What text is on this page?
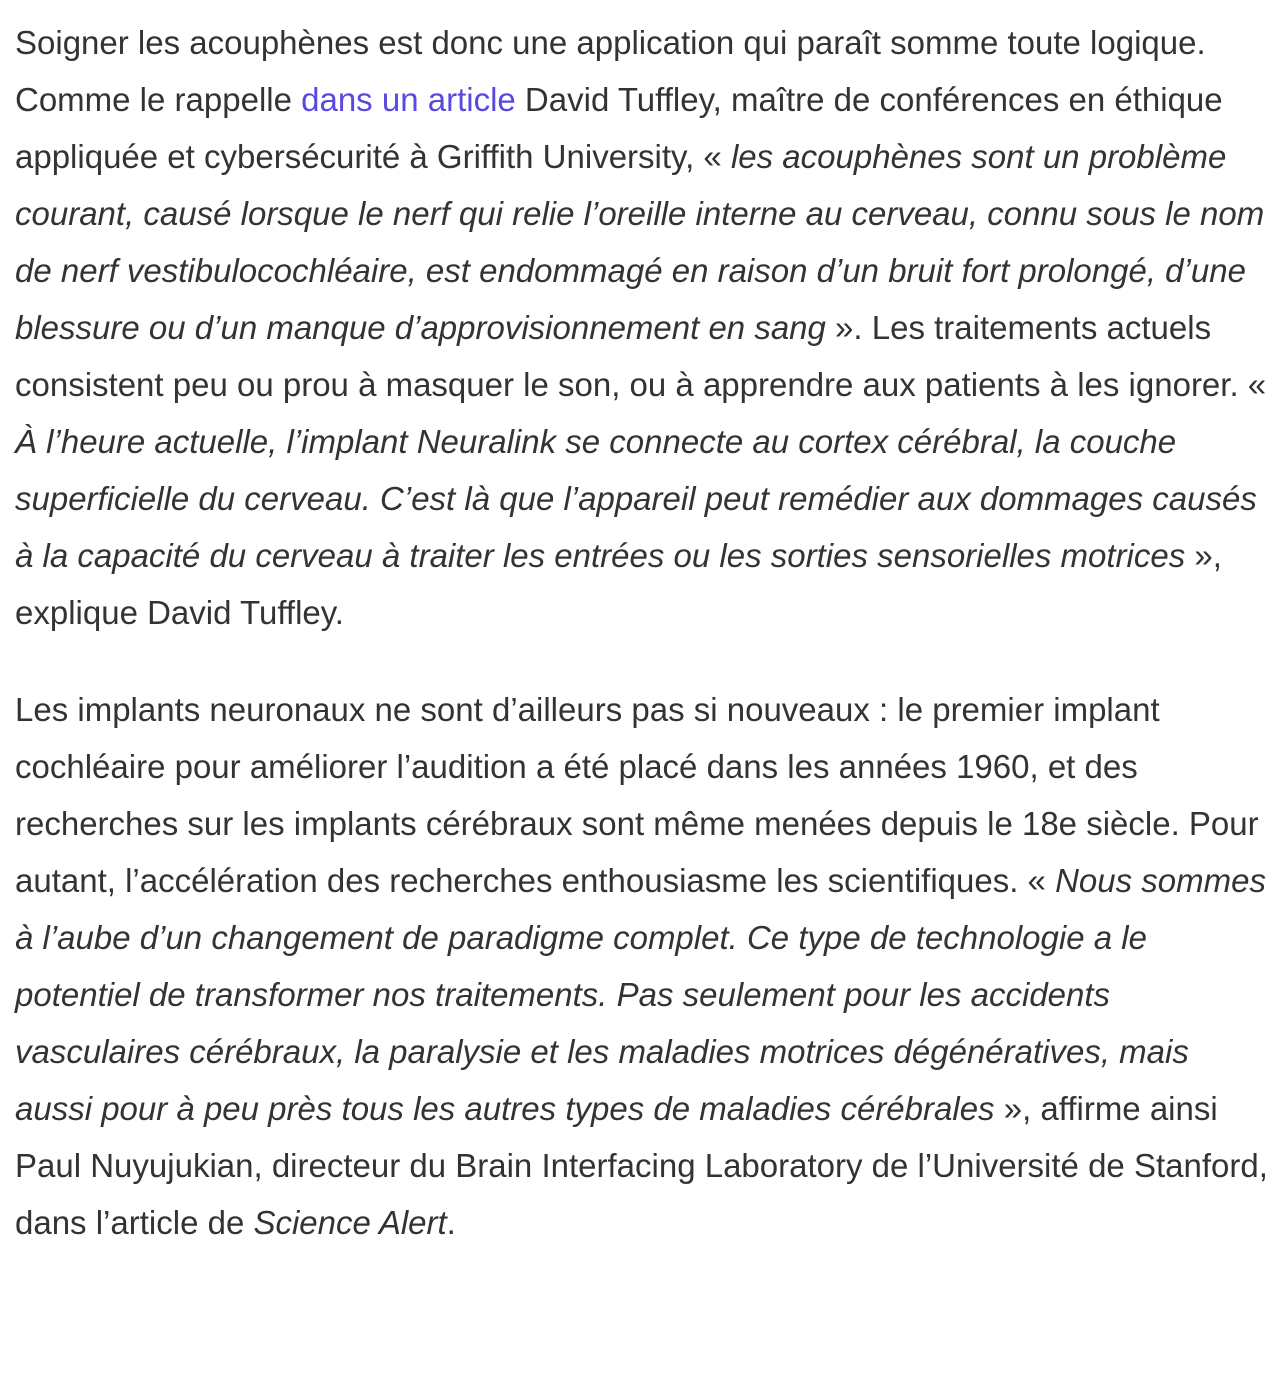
Soigner les acouphènes est donc une application qui paraît somme toute logique. Comme le rappelle dans un article David Tuffley, maître de conférences en éthique appliquée et cybersécurité à Griffith University, « les acouphènes sont un problème courant, causé lorsque le nerf qui relie l’oreille interne au cerveau, connu sous le nom de nerf vestibulocochléaire, est endommagé en raison d’un bruit fort prolongé, d’une blessure ou d’un manque d’approvisionnement en sang ». Les traitements actuels consistent peu ou prou à masquer le son, ou à apprendre aux patients à les ignorer. « À l’heure actuelle, l’implant Neuralink se connecte au cortex cérébral, la couche superficielle du cerveau. C’est là que l’appareil peut remédier aux dommages causés à la capacité du cerveau à traiter les entrées ou les sorties sensorielles motrices », explique David Tuffley.

Les implants neuronaux ne sont d’ailleurs pas si nouveaux : le premier implant cochléaire pour améliorer l’audition a été placé dans les années 1960, et des recherches sur les implants cérébraux sont même menées depuis le 18e siècle. Pour autant, l’accélération des recherches enthousiasme les scientifiques. « Nous sommes à l’aube d’un changement de paradigme complet. Ce type de technologie a le potentiel de transformer nos traitements. Pas seulement pour les accidents vasculaires cérébraux, la paralysie et les maladies motrices dégénératives, mais aussi pour à peu près tous les autres types de maladies cérébrales », affirme ainsi Paul Nuyujukian, directeur du Brain Interfacing Laboratory de l’Université de Stanford, dans l’article de Science Alert.
